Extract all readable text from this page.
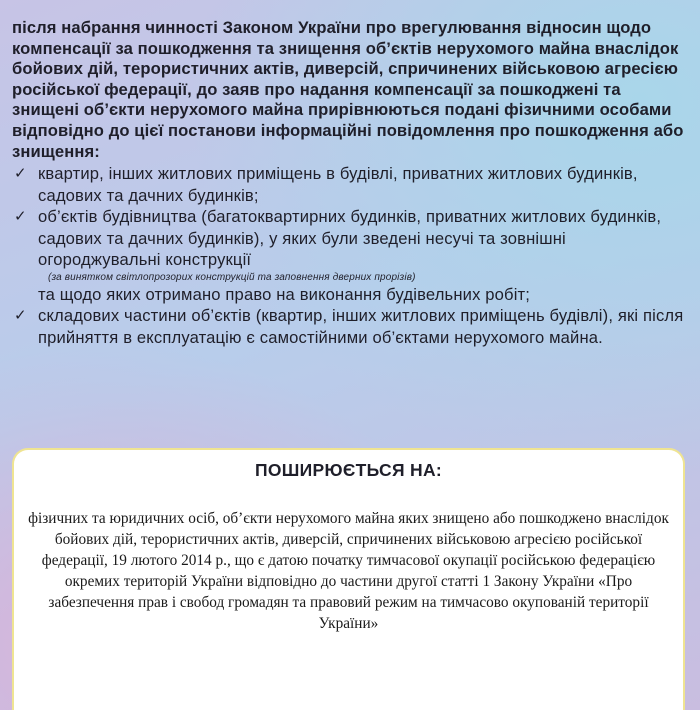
після набрання чинності Законом України про врегулювання відносин щодо компенсації за пошкодження та знищення об’єктів нерухомого майна внаслідок бойових дій, терористичних актів, диверсій, спричинених військовою агресією російської федерації, до заяв про надання компенсації за пошкоджені та знищені об’єкти нерухомого майна прирівнюються подані фізичними особами відповідно до цієї постанови інформаційні повідомлення про пошкодження або знищення:

✓ квартир, інших житлових приміщень в будівлі, приватних житлових будинків, садових та дачних будинків;
✓ об’єктів будівництва (багатоквартирних будинків, приватних житлових будинків, садових та дачних будинків), у яких були зведені несучі та зовнішні огороджувальні конструкції
(за винятком світлопрозорих конструкцій та заповнення дверних прорізів)
та щодо яких отримано право на виконання будівельних робіт;
✓ складових частини об’єктів (квартир, інших житлових приміщень будівлі), які після прийняття в експлуатацію є самостійними об’єктами нерухомого майна.
ПОШИРЮЄТЬСЯ НА:

фізичних та юридичних осіб, об’єкти нерухомого майна яких знищено або пошкоджено внаслідок бойових дій, терористичних актів, диверсій, спричинених військовою агресією російської федерації, 19 лютого 2014 р., що є датою початку тимчасової окупації російською федерацією окремих територій України відповідно до частини другої статті 1 Закону України «Про забезпечення прав і свобод громадян та правовий режим на тимчасово окупованій території України»
